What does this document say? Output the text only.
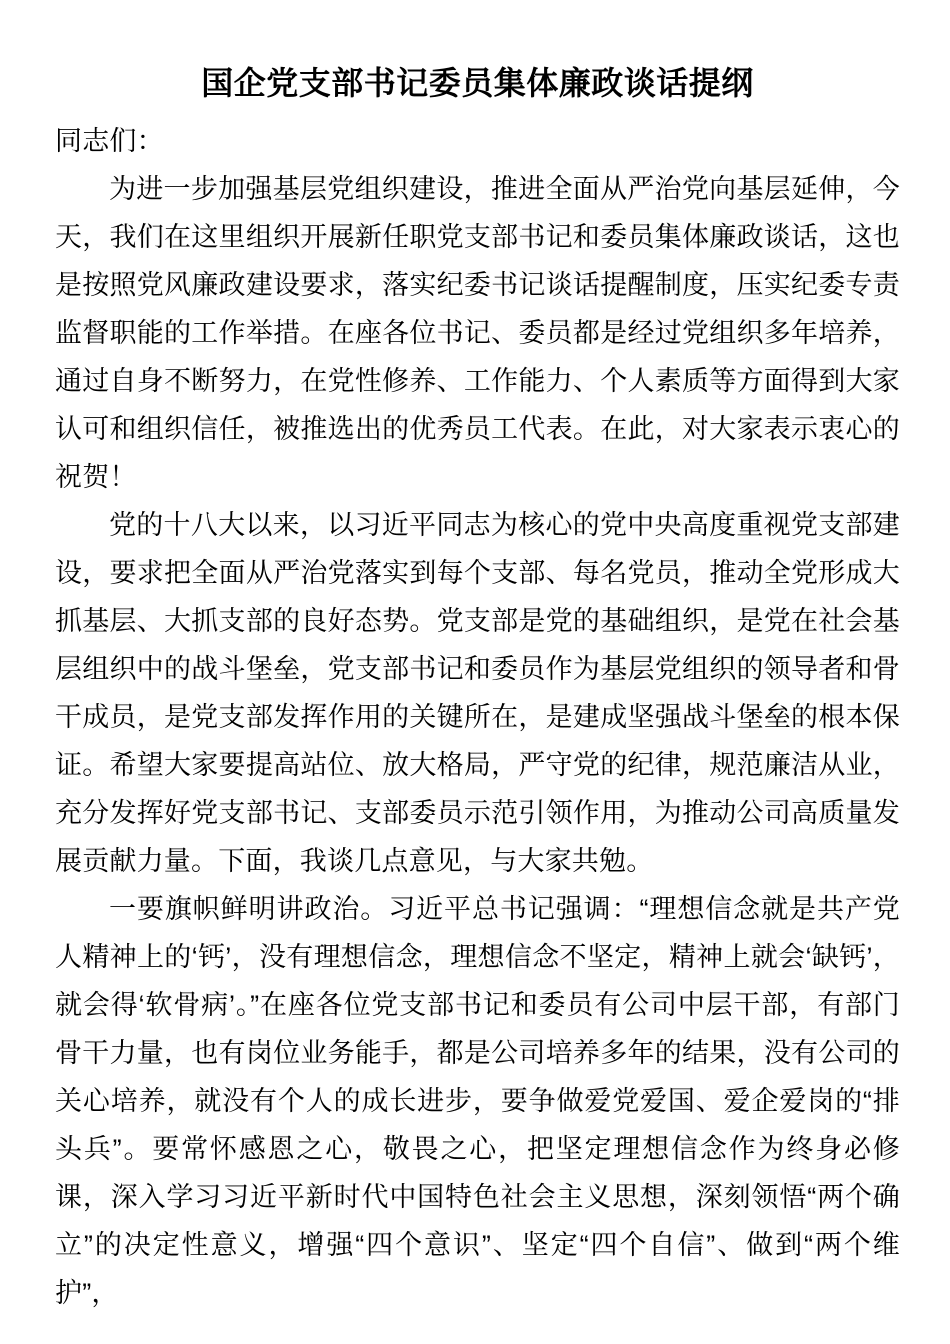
国企党支部书记委员集体廉政谈话提纲

同志们：

为进一步加强基层党组织建设，推进全面从严治党向基层延伸，今天，我们在这里组织开展新任职党支部书记和委员集体廉政谈话，这也是按照党风廉政建设要求，落实纪委书记谈话提醒制度，压实纪委专责监督职能的工作举措。在座各位书记、委员都是经过党组织多年培养，通过自身不断努力，在党性修养、工作能力、个人素质等方面得到大家认可和组织信任，被推选出的优秀员工代表。在此，对大家表示衷心的祝贺！

党的十八大以来，以习近平同志为核心的党中央高度重视党支部建设，要求把全面从严治党落实到每个支部、每名党员，推动全党形成大抓基层、大抓支部的良好态势。党支部是党的基础组织，是党在社会基层组织中的战斗堡垒，党支部书记和委员作为基层党组织的领导者和骨干成员，是党支部发挥作用的关键所在，是建成坚强战斗堡垒的根本保证。希望大家要提高站位、放大格局，严守党的纪律，规范廉洁从业，充分发挥好党支部书记、支部委员示范引领作用，为推动公司高质量发展贡献力量。下面，我谈几点意见，与大家共勉。

一要旗帜鲜明讲政治。习近平总书记强调：“理想信念就是共产党人精神上的‘钙’，没有理想信念，理想信念不坚定，精神上就会‘缺钙’，就会得‘软骨病’。”在座各位党支部书记和委员有公司中层干部，有部门骨干力量，也有岗位业务能手，都是公司培养多年的结果，没有公司的关心培养，就没有个人的成长进步，要争做爱党爱国、爱企爱岗的“排头兵”。要常怀感恩之心，敬畏之心，把坚定理想信念作为终身必修课，深入学习习近平新时代中国特色社会主义思想，深刻领悟“两个确立”的决定性意义，增强“四个意识”、坚定“四个自信”、做到“两个维护”，
